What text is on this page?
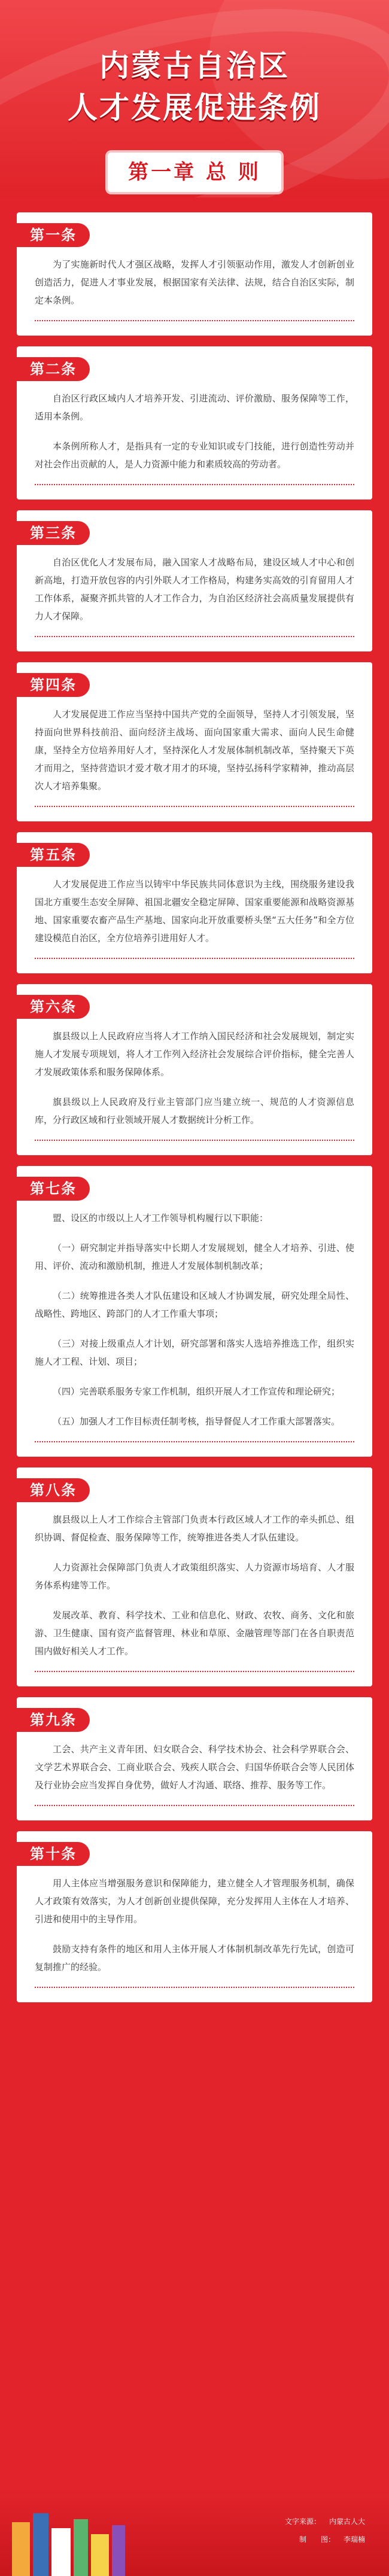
内蒙古自治区
人才发展促进条例
第一章 总 则
第一条

为了实施新时代人才强区战略，发挥人才引领驱动作用，激发人才创新创业创造活力，促进人才事业发展，根据国家有关法律、法规，结合自治区实际，制定本条例。

第二条

自治区行政区域内人才培养开发、引进流动、评价激励、服务保障等工作，适用本条例。

本条例所称人才，是指具有一定的专业知识或专门技能，进行创造性劳动并对社会作出贡献的人，是人力资源中能力和素质较高的劳动者。

第三条

自治区优化人才发展布局，融入国家人才战略布局，建设区域人才中心和创新高地，打造开放包容的内引外联人才工作格局，构建务实高效的引育留用人才工作体系，凝聚齐抓共管的人才工作合力，为自治区经济社会高质量发展提供有力人才保障。

第四条

人才发展促进工作应当坚持中国共产党的全面领导，坚持人才引领发展，坚持面向世界科技前沿、面向经济主战场、面向国家重大需求、面向人民生命健康，坚持全方位培养用好人才，坚持深化人才发展体制机制改革，坚持聚天下英才而用之，坚持营造识才爱才敬才用才的环境，坚持弘扬科学家精神，推动高层次人才培养集聚。

第五条

人才发展促进工作应当以铸牢中华民族共同体意识为主线，围绕服务建设我国北方重要生态安全屏障、祖国北疆安全稳定屏障、国家重要能源和战略资源基地、国家重要农畜产品生产基地、国家向北开放重要桥头堡“五大任务”和全方位建设模范自治区，全方位培养引进用好人才。

第六条

旗县级以上人民政府应当将人才工作纳入国民经济和社会发展规划，制定实施人才发展专项规划，将人才工作列入经济社会发展综合评价指标，健全完善人才发展政策体系和服务保障体系。

旗县级以上人民政府及行业主管部门应当建立统一、规范的人才资源信息库，分行政区域和行业领域开展人才数据统计分析工作。

第七条

盟、设区的市级以上人才工作领导机构履行以下职能：

（一）研究制定并指导落实中长期人才发展规划，健全人才培养、引进、使用、评价、流动和激励机制，推进人才发展体制机制改革；

（二）统筹推进各类人才队伍建设和区域人才协调发展，研究处理全局性、战略性、跨地区、跨部门的人才工作重大事项；

（三）对接上级重点人才计划，研究部署和落实人选培养推选工作，组织实施人才工程、计划、项目；

（四）完善联系服务专家工作机制，组织开展人才工作宣传和理论研究；

（五）加强人才工作目标责任制考核，指导督促人才工作重大部署落实。

第八条

旗县级以上人才工作综合主管部门负责本行政区域人才工作的牵头抓总、组织协调、督促检查、服务保障等工作，统筹推进各类人才队伍建设。

人力资源社会保障部门负责人才政策组织落实、人力资源市场培育、人才服务体系构建等工作。

发展改革、教育、科学技术、工业和信息化、财政、农牧、商务、文化和旅游、卫生健康、国有资产监督管理、林业和草原、金融管理等部门在各自职责范围内做好相关人才工作。

第九条

工会、共产主义青年团、妇女联合会、科学技术协会、社会科学界联合会、文学艺术界联合会、工商业联合会、残疾人联合会、归国华侨联合会等人民团体及行业协会应当发挥自身优势，做好人才沟通、联络、推荐、服务等工作。

第十条

用人主体应当增强服务意识和保障能力，建立健全人才管理服务机制，确保人才政策有效落实，为人才创新创业提供保障，充分发挥用人主体在人才培养、引进和使用中的主导作用。

鼓励支持有条件的地区和用人主体开展人才体制机制改革先行先试，创造可复制推广的经验。

文字来源： 内蒙古人大
制　　图： 李瑞楠
